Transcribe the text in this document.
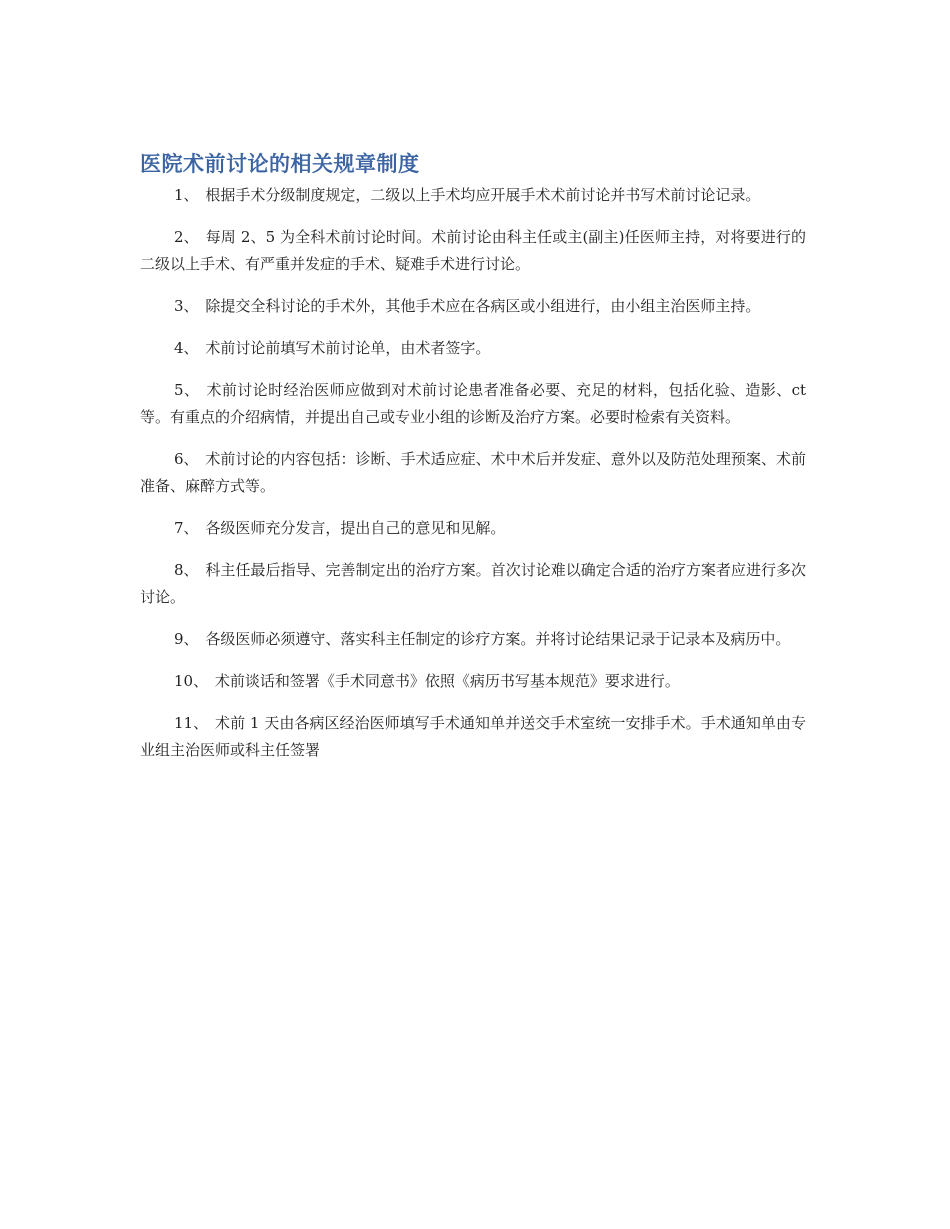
医院术前讨论的相关规章制度

1、 根据手术分级制度规定，二级以上手术均应开展手术术前讨论并书写术前讨论记录。

2、 每周 2、5 为全科术前讨论时间。术前讨论由科主任或主(副主)任医师主持，对将要进行的二级以上手术、有严重并发症的手术、疑难手术进行讨论。

3、 除提交全科讨论的手术外，其他手术应在各病区或小组进行，由小组主治医师主持。

4、 术前讨论前填写术前讨论单，由术者签字。

5、 术前讨论时经治医师应做到对术前讨论患者准备必要、充足的材料，包括化验、造影、ct 等。有重点的介绍病情，并提出自己或专业小组的诊断及治疗方案。必要时检索有关资料。

6、 术前讨论的内容包括：诊断、手术适应症、术中术后并发症、意外以及防范处理预案、术前准备、麻醉方式等。

7、 各级医师充分发言，提出自己的意见和见解。

8、 科主任最后指导、完善制定出的治疗方案。首次讨论难以确定合适的治疗方案者应进行多次讨论。

9、 各级医师必须遵守、落实科主任制定的诊疗方案。并将讨论结果记录于记录本及病历中。

10、 术前谈话和签署《手术同意书》依照《病历书写基本规范》要求进行。

11、 术前 1 天由各病区经治医师填写手术通知单并送交手术室统一安排手术。手术通知单由专业组主治医师或科主任签署
